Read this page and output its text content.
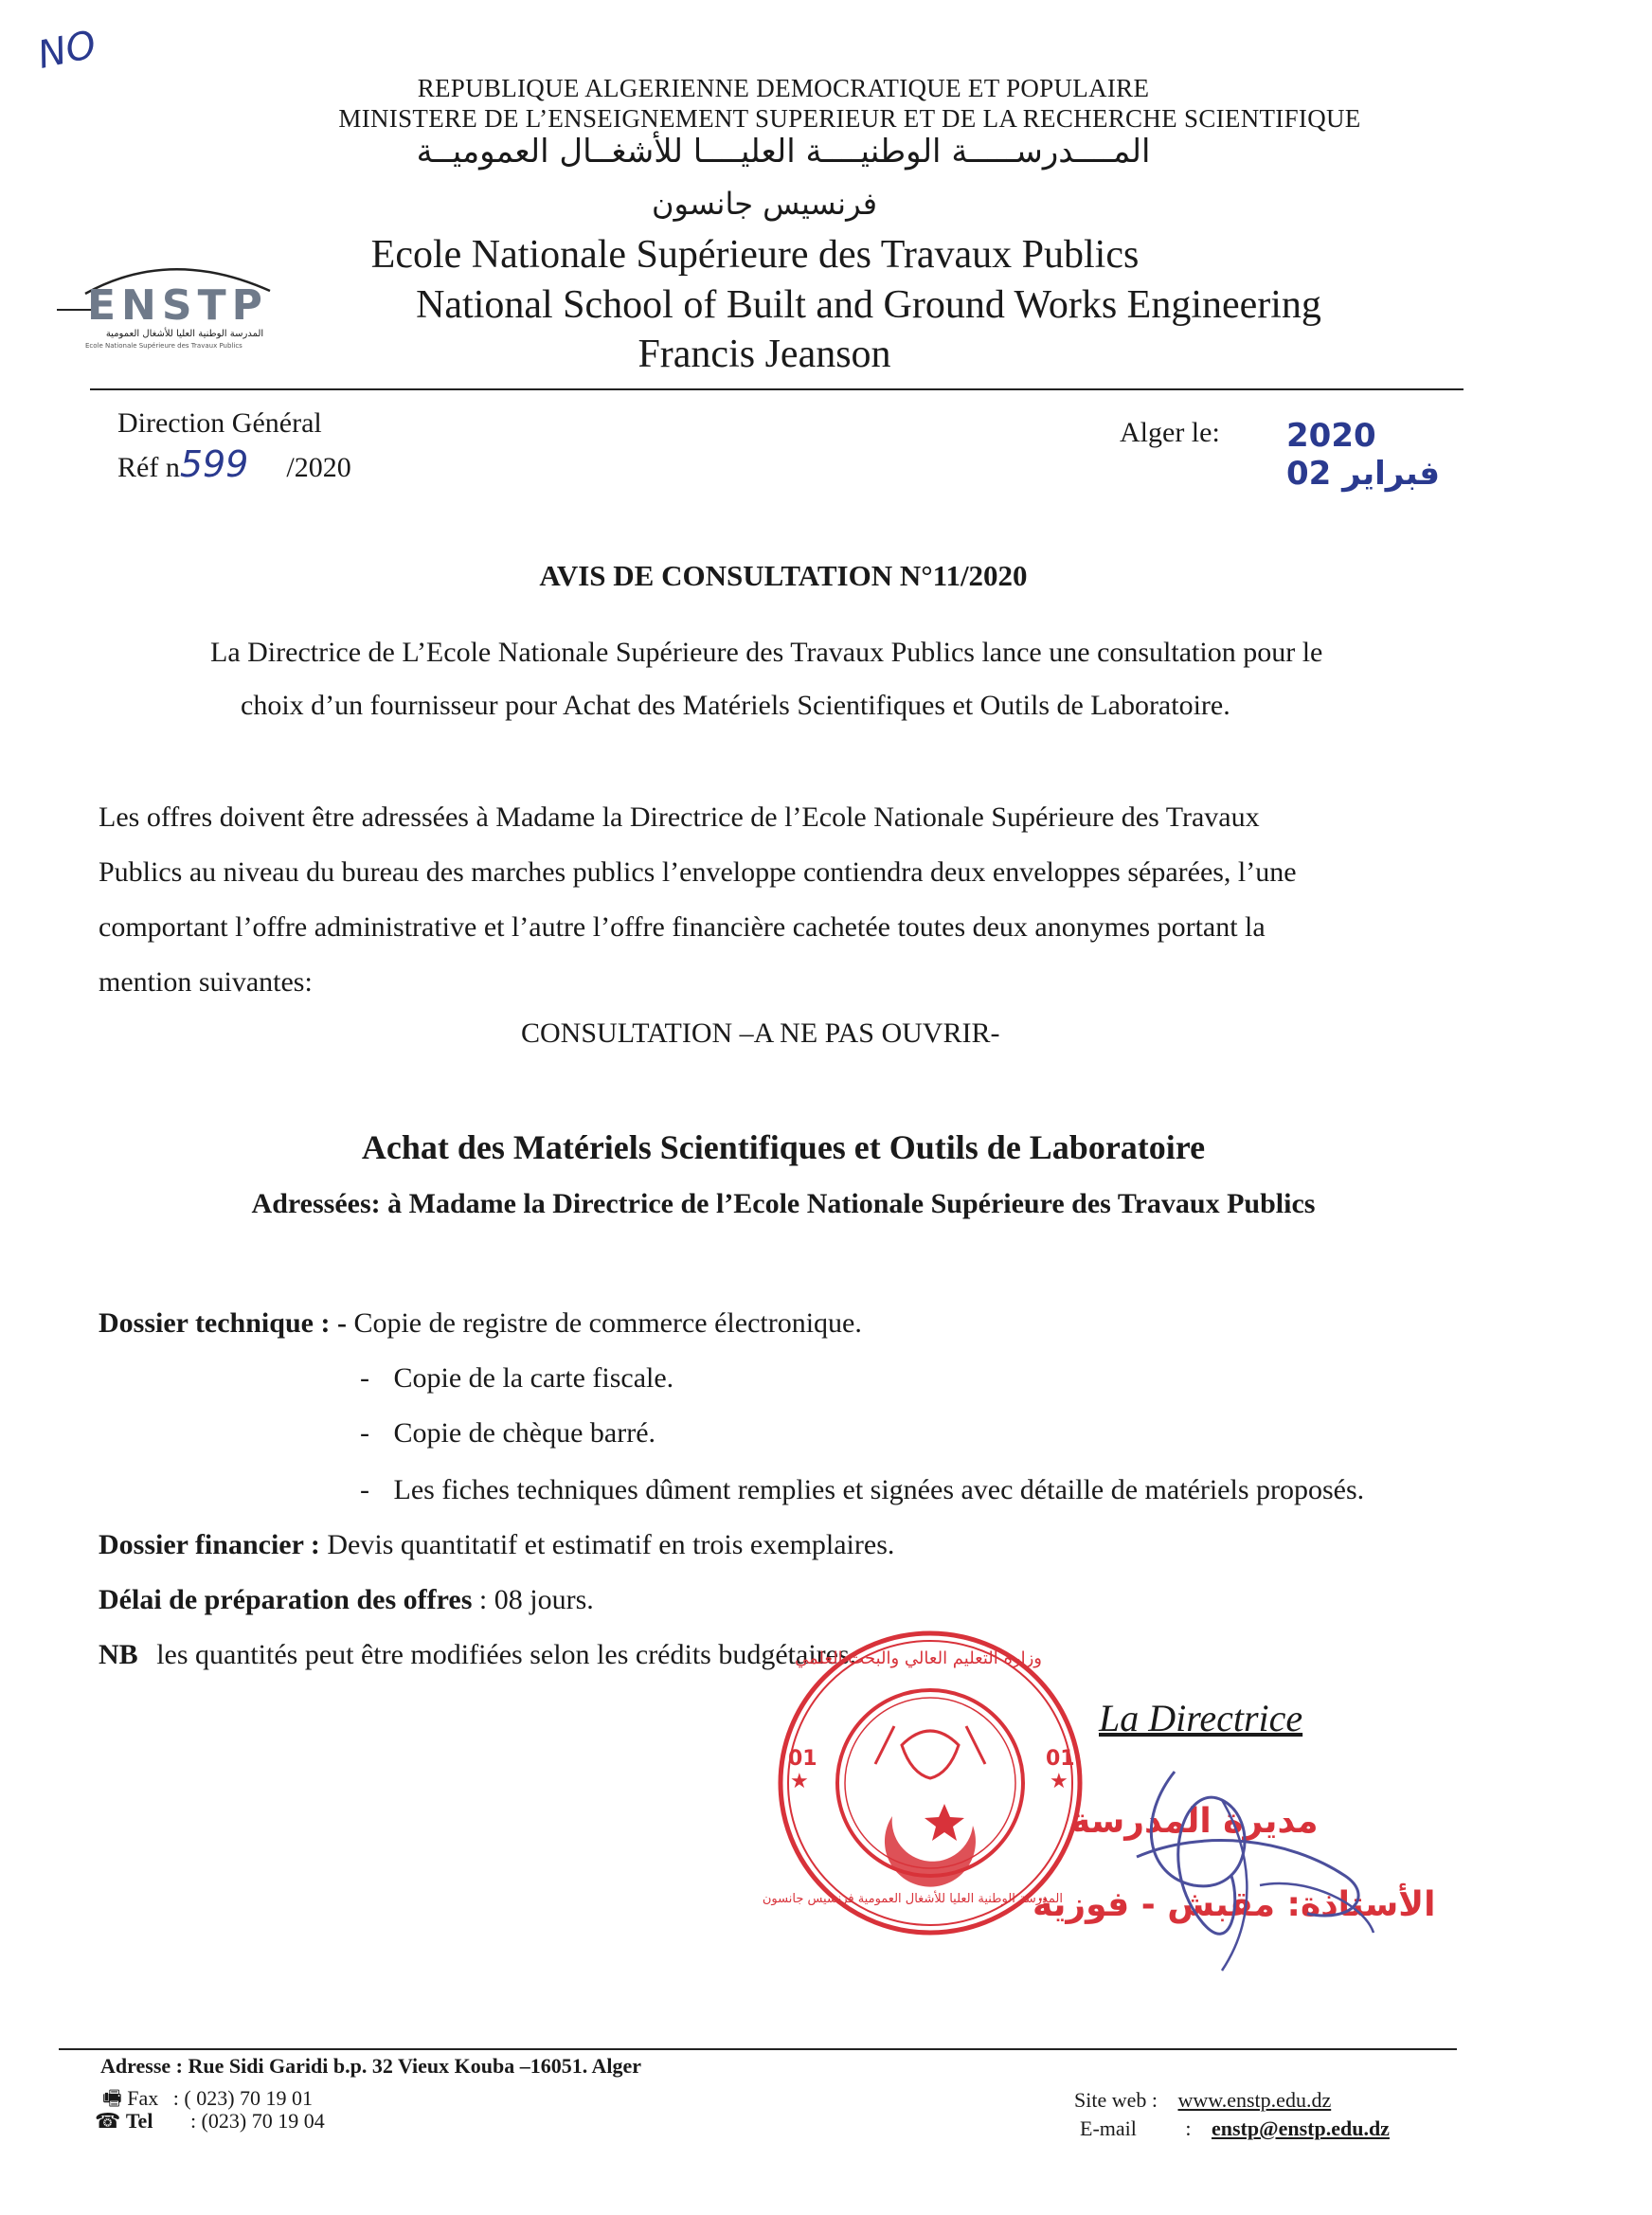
NO
REPUBLIQUE ALGERIENNE DEMOCRATIQUE ET POPULAIRE
MINISTERE DE L’ENSEIGNEMENT SUPERIEUR ET DE LA RECHERCHE SCIENTIFIQUE
المــــدرســـــة الوطنيــــة العليــــا للأشغــال العموميــة
فرنسيس جانسون
Ecole Nationale Supérieure des Travaux Publics
National School of Built and Ground Works Engineering
Francis Jeanson
ENSTP
المدرسة الوطنية العليا للأشغال العمومية
Ecole Nationale Supérieure des Travaux Publics
Direction Général
Réf n599 /2020
Alger le: 2020 فبراير 02
AVIS DE CONSULTATION N°11/2020
La Directrice de L’Ecole Nationale Supérieure des Travaux Publics lance une consultation pour le
choix d’un fournisseur pour Achat des Matériels Scientifiques et Outils de Laboratoire.
Les offres doivent être adressées à Madame la Directrice de l’Ecole Nationale Supérieure des Travaux
Publics au niveau du bureau des marches publics l’enveloppe contiendra deux enveloppes séparées, l’une
comportant l’offre administrative et l’autre l’offre financière cachetée toutes deux anonymes portant la
mention suivantes:
CONSULTATION –A NE PAS OUVRIR-
Achat des Matériels Scientifiques et Outils de Laboratoire
Adressées: à Madame la Directrice de l’Ecole Nationale Supérieure des Travaux Publics
Dossier technique : - Copie de registre de commerce électronique.
- Copie de la carte fiscale.
- Copie de chèque barré.
- Les fiches techniques dûment remplies et signées avec détaille de matériels proposés.
Dossier financier : Devis quantitatif et estimatif en trois exemplaires.
Délai de préparation des offres : 08 jours.
NB les quantités peut être modifiées selon les crédits budgétaires.
La Directrice
★	★
وزارة التعليم العالي والبحث العلمي
المدرسة الوطنية العليا للأشغال العمومية فرنسيس جانسون
01	01
مديرة المدرسة
الأستاذة: مقبش - فوزية
Adresse : Rue Sidi Garidi b.p. 32 Vieux Kouba –16051. Alger
🖷 Fax : ( 023) 70 19 01
☎ Tel : (023) 70 19 04
Site web : www.enstp.edu.dz
E-mail : enstp@enstp.edu.dz
